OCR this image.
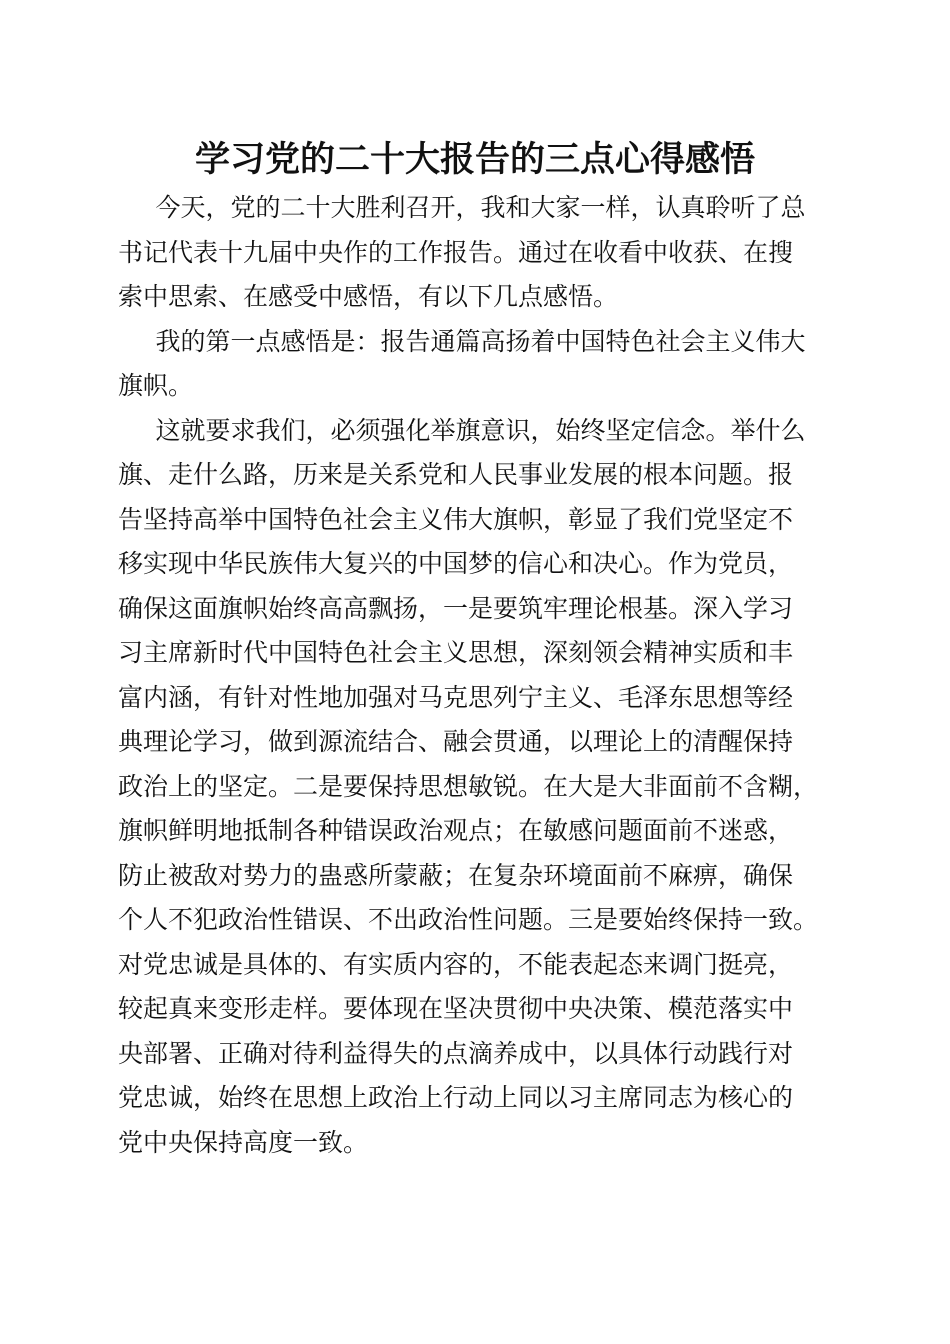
学习党的二十大报告的三点心得感悟
今天，党的二十大胜利召开，我和大家一样，认真聆听了总
书记代表十九届中央作的工作报告。通过在收看中收获、在搜
索中思索、在感受中感悟，有以下几点感悟。
我的第一点感悟是：报告通篇高扬着中国特色社会主义伟大
旗帜。
这就要求我们，必须强化举旗意识，始终坚定信念。举什么
旗、走什么路，历来是关系党和人民事业发展的根本问题。报
告坚持高举中国特色社会主义伟大旗帜，彰显了我们党坚定不
移实现中华民族伟大复兴的中国梦的信心和决心。作为党员，
确保这面旗帜始终高高飘扬，一是要筑牢理论根基。深入学习
习主席新时代中国特色社会主义思想，深刻领会精神实质和丰
富内涵，有针对性地加强对马克思列宁主义、毛泽东思想等经
典理论学习，做到源流结合、融会贯通，以理论上的清醒保持
政治上的坚定。二是要保持思想敏锐。在大是大非面前不含糊，
旗帜鲜明地抵制各种错误政治观点；在敏感问题面前不迷惑，
防止被敌对势力的蛊惑所蒙蔽；在复杂环境面前不麻痹，确保
个人不犯政治性错误、不出政治性问题。三是要始终保持一致。
对党忠诚是具体的、有实质内容的，不能表起态来调门挺亮，
较起真来变形走样。要体现在坚决贯彻中央决策、模范落实中
央部署、正确对待利益得失的点滴养成中，以具体行动践行对
党忠诚，始终在思想上政治上行动上同以习主席同志为核心的
党中央保持高度一致。
